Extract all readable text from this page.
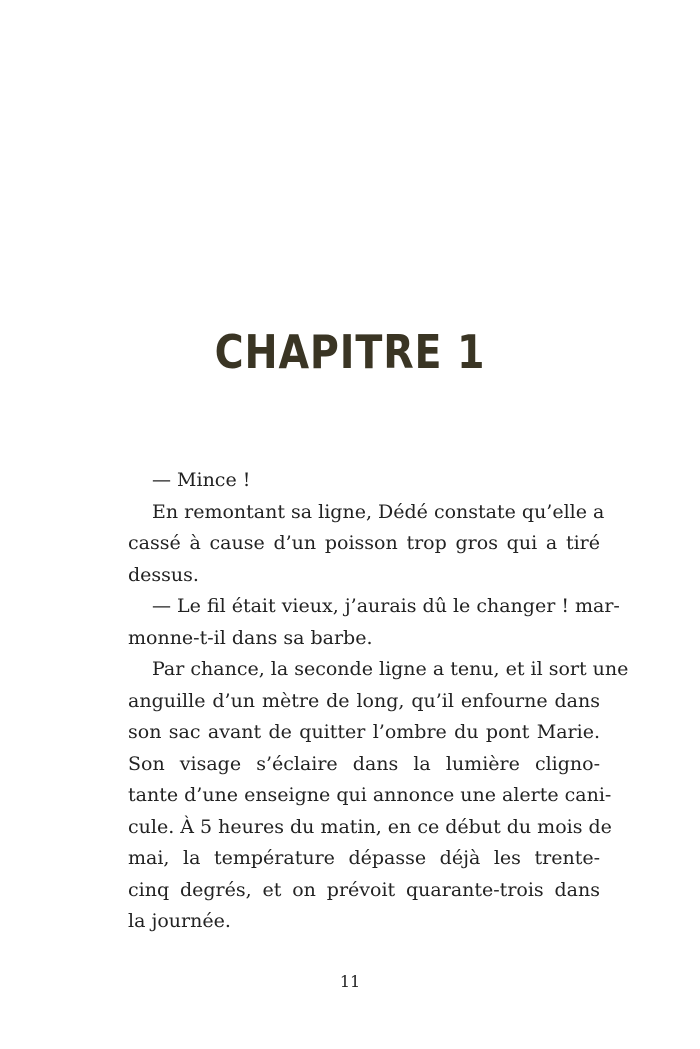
CHAPITRE 1
— Mince !
En remontant sa ligne, Dédé constate qu’elle a
cassé à cause d’un poisson trop gros qui a tiré
dessus.
— Le fil était vieux, j’aurais dû le changer ! mar-
monne-t-il dans sa barbe.
Par chance, la seconde ligne a tenu, et il sort une
anguille d’un mètre de long, qu’il enfourne dans
son sac avant de quitter l’ombre du pont Marie.
Son visage s’éclaire dans la lumière cligno-
tante d’une enseigne qui annonce une alerte cani-
cule. À 5 heures du matin, en ce début du mois de
mai, la température dépasse déjà les trente-
cinq degrés, et on prévoit quarante-trois dans
la journée.
11
